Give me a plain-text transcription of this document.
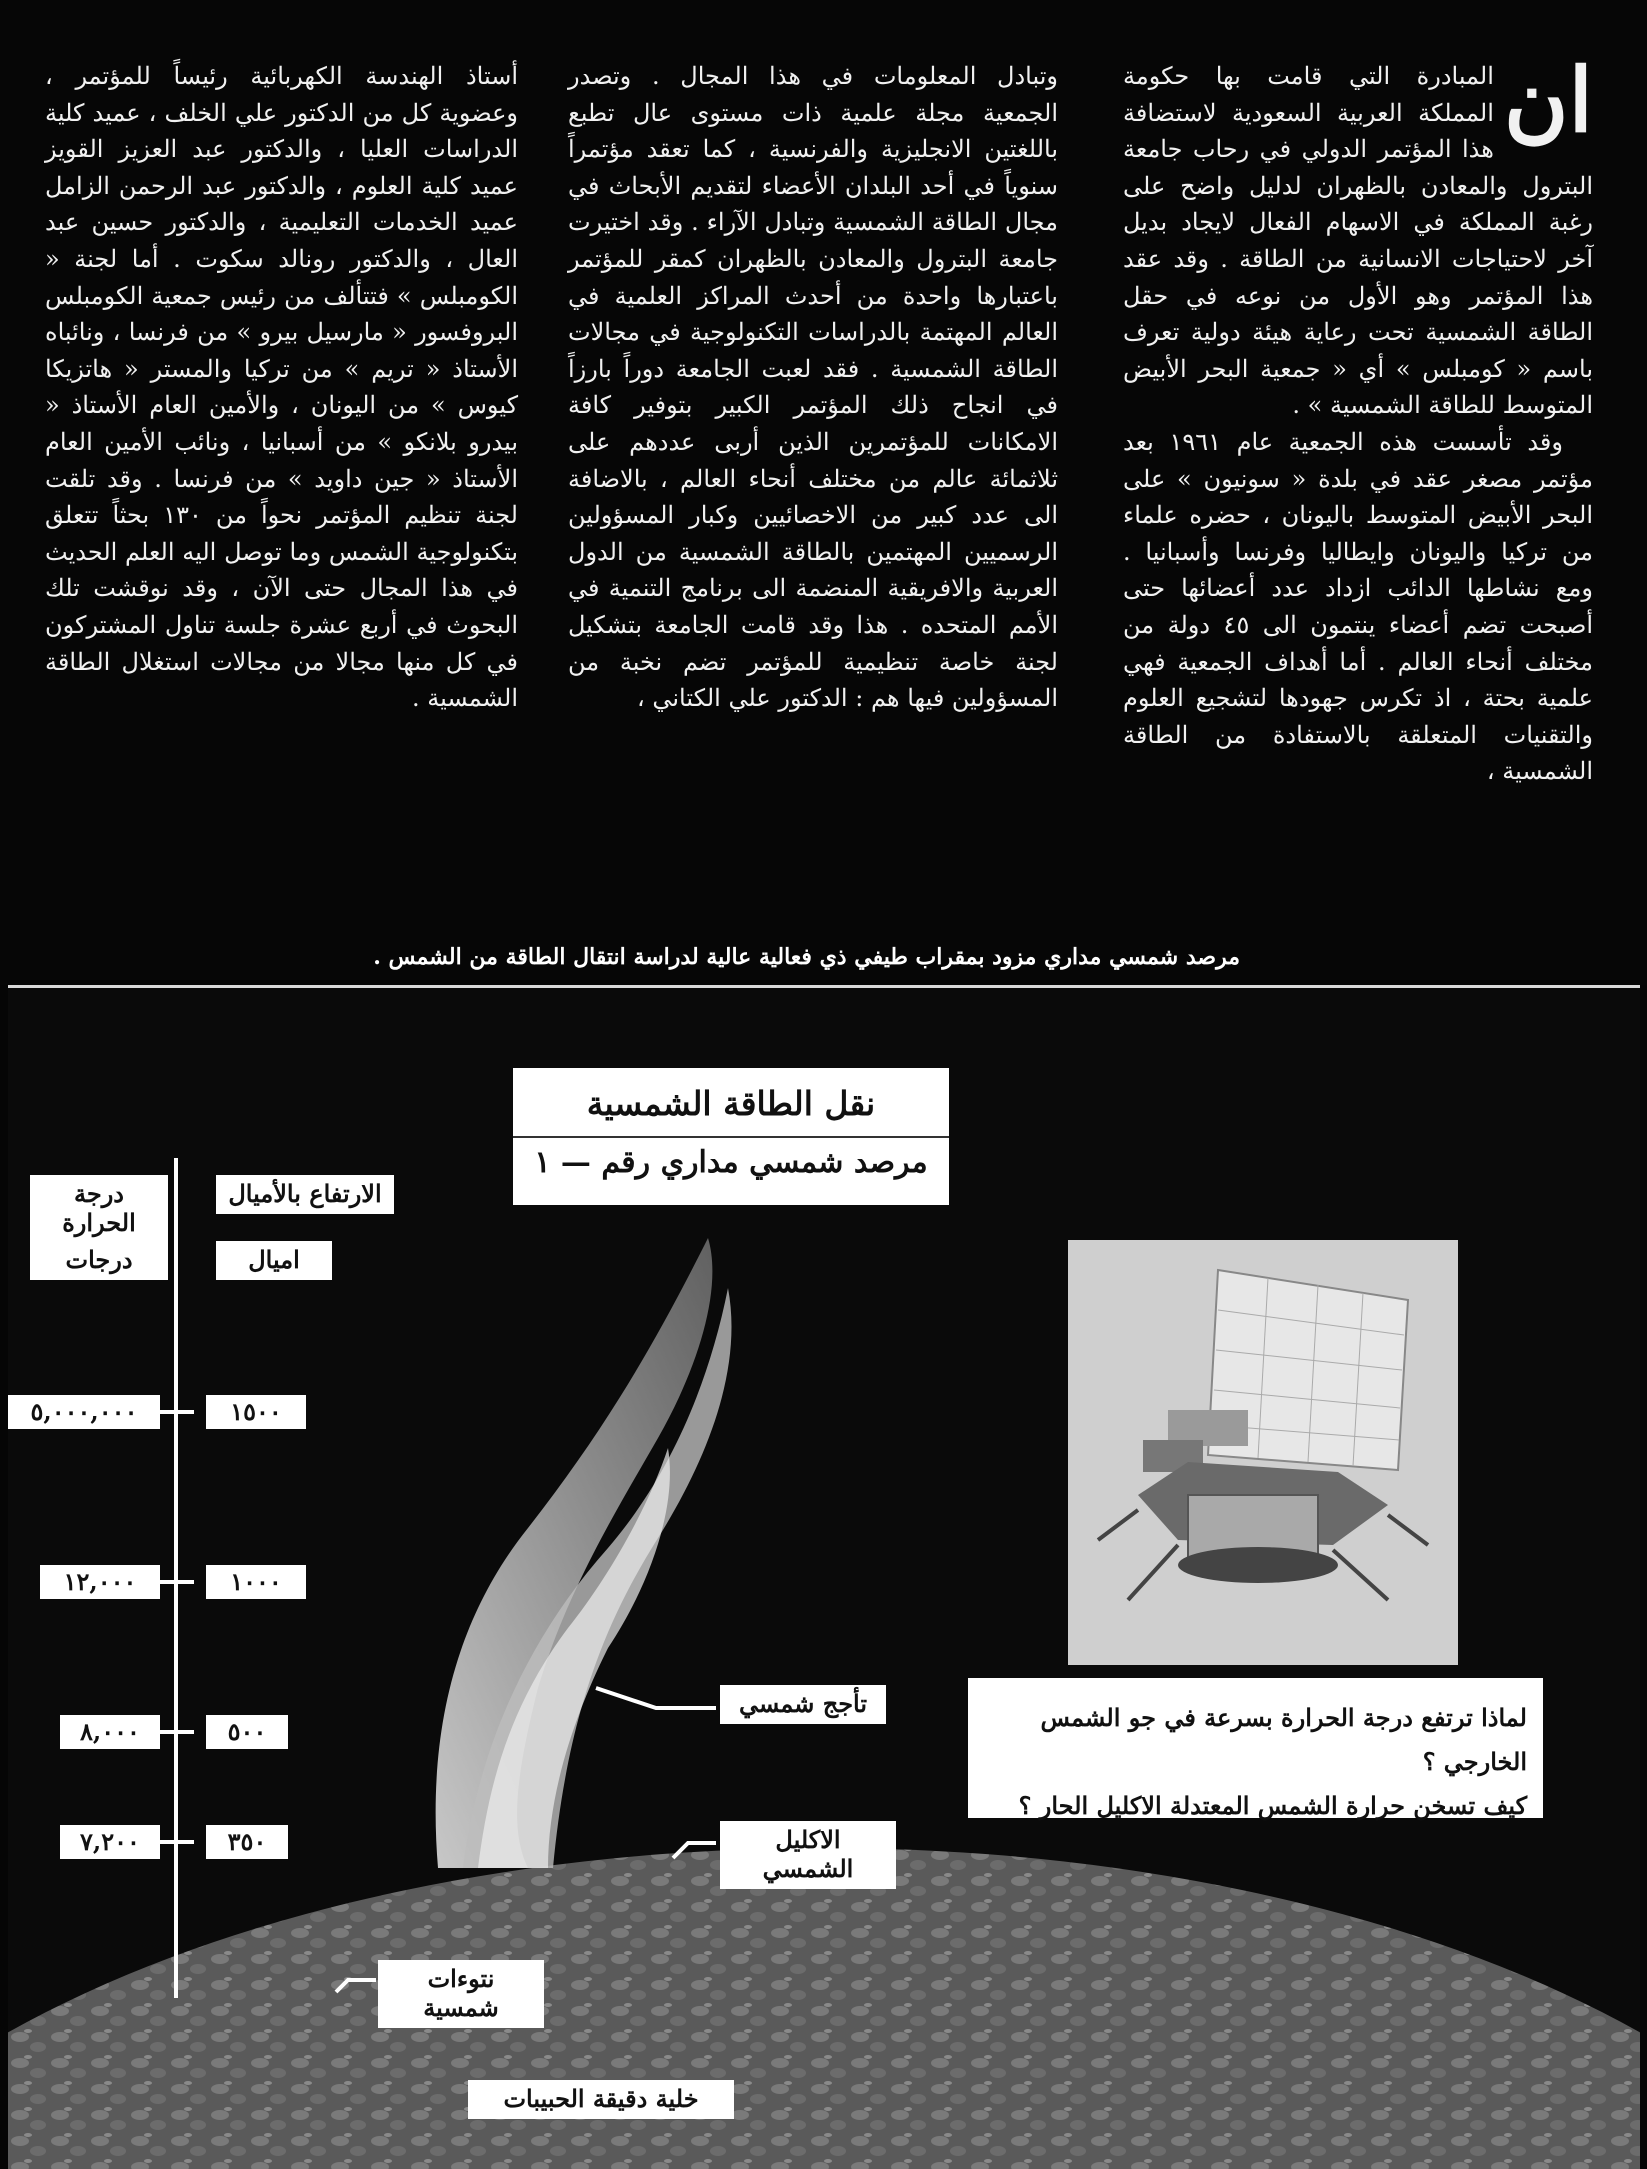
ان

المبادرة التي قامت بها حكومة المملكة العربية السعودية لاستضافة هذا المؤتمر الدولي في رحاب جامعة البترول والمعادن بالظهران لدليل واضح على رغبة المملكة في الاسهام الفعال لايجاد بديل آخر لاحتياجات الانسانية من الطاقة . وقد عقد هذا المؤتمر وهو الأول من نوعه في حقل الطاقة الشمسية تحت رعاية هيئة دولية تعرف باسم « كومبلس » أي « جمعية البحر الأبيض المتوسط للطاقة الشمسية » .

وقد تأسست هذه الجمعية عام ١٩٦١ بعد مؤتمر مصغر عقد في بلدة « سونيون » على البحر الأبيض المتوسط باليونان ، حضره علماء من تركيا واليونان وايطاليا وفرنسا وأسبانيا . ومع نشاطها الدائب ازداد عدد أعضائها حتى أصبحت تضم أعضاء ينتمون الى ٤٥ دولة من مختلف أنحاء العالم . أما أهداف الجمعية فهي علمية بحتة ، اذ تكرس جهودها لتشجيع العلوم والتقنيات المتعلقة بالاستفادة من الطاقة الشمسية ،

وتبادل المعلومات في هذا المجال . وتصدر الجمعية مجلة علمية ذات مستوى عال تطبع باللغتين الانجليزية والفرنسية ، كما تعقد مؤتمراً سنوياً في أحد البلدان الأعضاء لتقديم الأبحاث في مجال الطاقة الشمسية وتبادل الآراء . وقد اختيرت جامعة البترول والمعادن بالظهران كمقر للمؤتمر باعتبارها واحدة من أحدث المراكز العلمية في العالم المهتمة بالدراسات التكنولوجية في مجالات الطاقة الشمسية . فقد لعبت الجامعة دوراً بارزاً في انجاح ذلك المؤتمر الكبير بتوفير كافة الامكانات للمؤتمرين الذين أربى عددهم على ثلاثمائة عالم من مختلف أنحاء العالم ، بالاضافة الى عدد كبير من الاخصائيين وكبار المسؤولين الرسميين المهتمين بالطاقة الشمسية من الدول العربية والافريقية المنضمة الى برنامج التنمية في الأمم المتحده . هذا وقد قامت الجامعة بتشكيل لجنة خاصة تنظيمية للمؤتمر تضم نخبة من المسؤولين فيها هم : الدكتور علي الكتاني ،

أستاذ الهندسة الكهربائية رئيساً للمؤتمر ، وعضوية كل من الدكتور علي الخلف ، عميد كلية الدراسات العليا ، والدكتور عبد العزيز القويز عميد كلية العلوم ، والدكتور عبد الرحمن الزامل عميد الخدمات التعليمية ، والدكتور حسين عبد العال ، والدكتور رونالد سكوت . أما لجنة « الكومبلس » فتتألف من رئيس جمعية الكومبلس البروفسور « مارسيل بيرو » من فرنسا ، ونائباه الأستاذ « تريم » من تركيا والمستر « هاتزيكا كيوس » من اليونان ، والأمين العام الأستاذ « بيدرو بلانكو » من أسبانيا ، ونائب الأمين العام الأستاذ « جين داويد » من فرنسا . وقد تلقت لجنة تنظيم المؤتمر نحواً من ١٣٠ بحثاً تتعلق بتكنولوجية الشمس وما توصل اليه العلم الحديث في هذا المجال حتى الآن ، وقد نوقشت تلك البحوث في أربع عشرة جلسة تناول المشتركون في كل منها مجالا من مجالات استغلال الطاقة الشمسية .

مرصد شمسي مداري مزود بمقراب طيفي ذي فعالية عالية لدراسة انتقال الطاقة من الشمس .
نقل الطاقة الشمسية
مرصد شمسي مداري رقم — ١
درجة الحرارة
درجات
الارتفاع بالأميال
اميال
٥,٠٠٠,٠٠٠	١٥٠٠
١٢,٠٠٠	١٠٠٠
٨,٠٠٠	٥٠٠
٧,٢٠٠	٣٥٠
تأجج شمسي
الاكليل الشمسي
نتوءات شمسية
خلية دقيقة الحبيبات
لماذا ترتفع درجة الحرارة بسرعة في جو الشمس الخارجي ؟
كيف تسخن حرارة الشمس المعتدلة الاكليل الحار ؟
